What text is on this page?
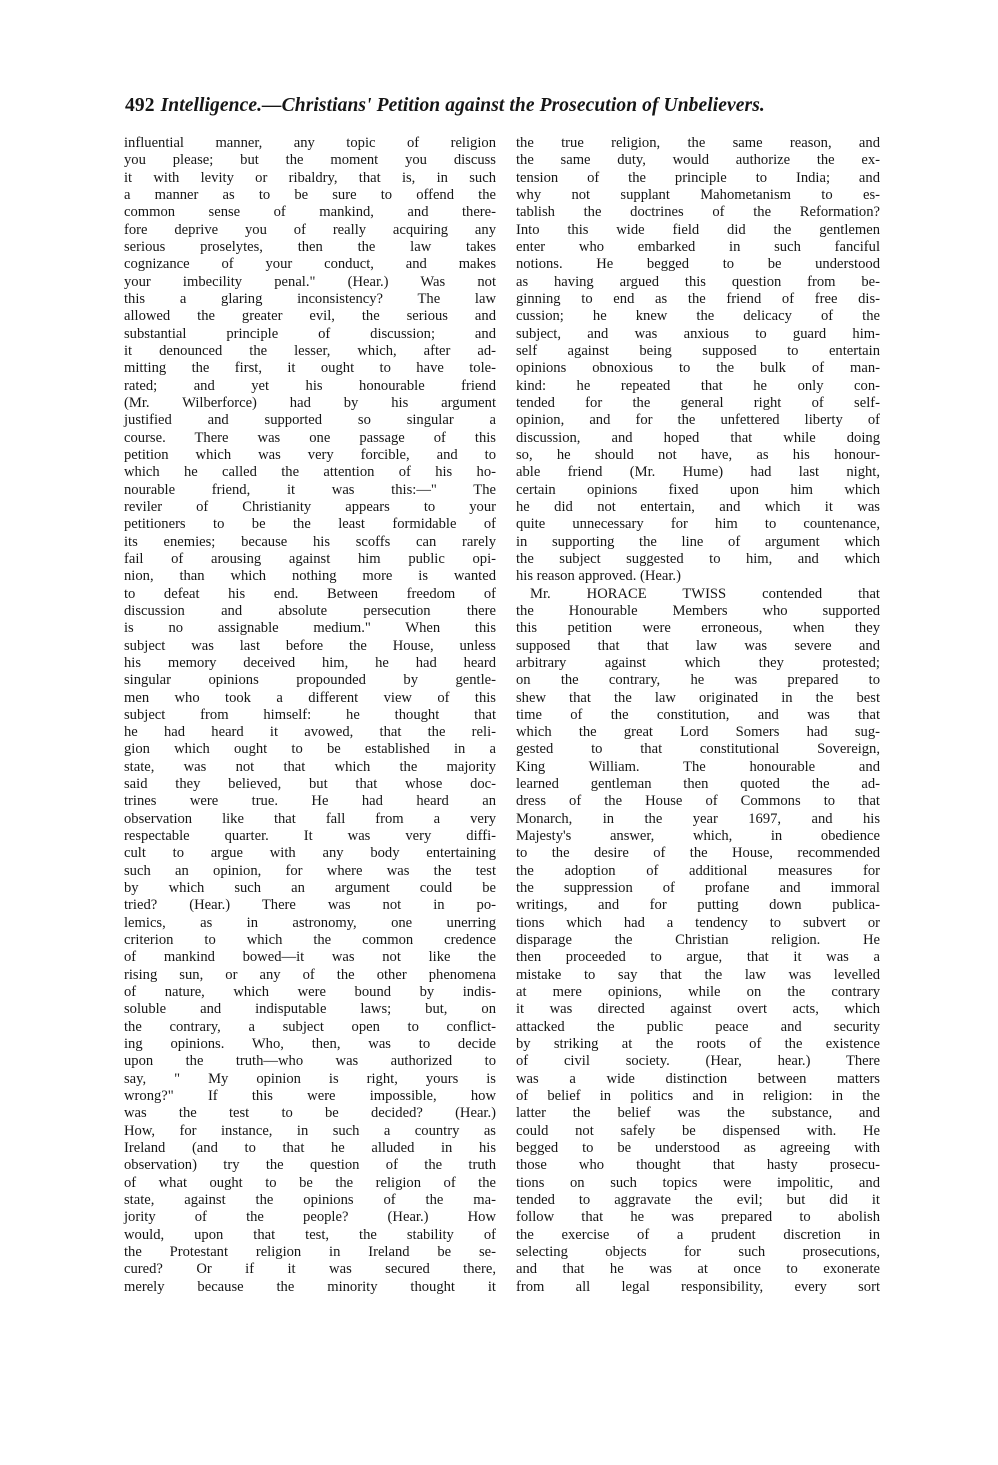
492 Intelligence.—Christians' Petition against the Prosecution of Unbelievers.
influential manner, any topic of religion
you please; but the moment you discuss
it with levity or ribaldry, that is, in such
a manner as to be sure to offend the
common sense of mankind, and there-
fore deprive you of really acquiring any
serious proselytes, then the law takes
cognizance of your conduct, and makes
your imbecility penal." (Hear.) Was not
this a glaring inconsistency? The law
allowed the greater evil, the serious and
substantial principle of discussion; and
it denounced the lesser, which, after ad-
mitting the first, it ought to have tole-
rated; and yet his honourable friend
(Mr. Wilberforce) had by his argument
justified and supported so singular a
course. There was one passage of this
petition which was very forcible, and to
which he called the attention of his ho-
nourable friend, it was this:—" The
reviler of Christianity appears to your
petitioners to be the least formidable of
its enemies; because his scoffs can rarely
fail of arousing against him public opi-
nion, than which nothing more is wanted
to defeat his end. Between freedom of
discussion and absolute persecution there
is no assignable medium." When this
subject was last before the House, unless
his memory deceived him, he had heard
singular opinions propounded by gentle-
men who took a different view of this
subject from himself: he thought that
he had heard it avowed, that the reli-
gion which ought to be established in a
state, was not that which the majority
said they believed, but that whose doc-
trines were true. He had heard an
observation like that fall from a very
respectable quarter. It was very diffi-
cult to argue with any body entertaining
such an opinion, for where was the test
by which such an argument could be
tried? (Hear.) There was not in po-
lemics, as in astronomy, one unerring
criterion to which the common credence
of mankind bowed—it was not like the
rising sun, or any of the other phenomena
of nature, which were bound by indis-
soluble and indisputable laws; but, on
the contrary, a subject open to conflict-
ing opinions. Who, then, was to decide
upon the truth—who was authorized to
say, " My opinion is right, yours is
wrong?" If this were impossible, how
was the test to be decided? (Hear.)
How, for instance, in such a country as
Ireland (and to that he alluded in his
observation) try the question of the truth
of what ought to be the religion of the
state, against the opinions of the ma-
jority of the people? (Hear.) How
would, upon that test, the stability of
the Protestant religion in Ireland be se-
cured? Or if it was secured there,
merely because the minority thought it
the true religion, the same reason, and
the same duty, would authorize the ex-
tension of the principle to India; and
why not supplant Mahometanism to es-
tablish the doctrines of the Reformation?
Into this wide field did the gentlemen
enter who embarked in such fanciful
notions. He begged to be understood
as having argued this question from be-
ginning to end as the friend of free dis-
cussion; he knew the delicacy of the
subject, and was anxious to guard him-
self against being supposed to entertain
opinions obnoxious to the bulk of man-
kind: he repeated that he only con-
tended for the general right of self-
opinion, and for the unfettered liberty of
discussion, and hoped that while doing
so, he should not have, as his honour-
able friend (Mr. Hume) had last night,
certain opinions fixed upon him which
he did not entertain, and which it was
quite unnecessary for him to countenance,
in supporting the line of argument which
the subject suggested to him, and which
his reason approved. (Hear.)
Mr. HORACE TWISS contended that
the Honourable Members who supported
this petition were erroneous, when they
supposed that that law was severe and
arbitrary against which they protested;
on the contrary, he was prepared to
shew that the law originated in the best
time of the constitution, and was that
which the great Lord Somers had sug-
gested to that constitutional Sovereign,
King William. The honourable and
learned gentleman then quoted the ad-
dress of the House of Commons to that
Monarch, in the year 1697, and his
Majesty's answer, which, in obedience
to the desire of the House, recommended
the adoption of additional measures for
the suppression of profane and immoral
writings, and for putting down publica-
tions which had a tendency to subvert or
disparage the Christian religion. He
then proceeded to argue, that it was a
mistake to say that the law was levelled
at mere opinions, while on the contrary
it was directed against overt acts, which
attacked the public peace and security
by striking at the roots of the existence
of civil society. (Hear, hear.) There
was a wide distinction between matters
of belief in politics and in religion: in the
latter the belief was the substance, and
could not safely be dispensed with. He
begged to be understood as agreeing with
those who thought that hasty prosecu-
tions on such topics were impolitic, and
tended to aggravate the evil; but did it
follow that he was prepared to abolish
the exercise of a prudent discretion in
selecting objects for such prosecutions,
and that he was at once to exonerate
from all legal responsibility, every sort
